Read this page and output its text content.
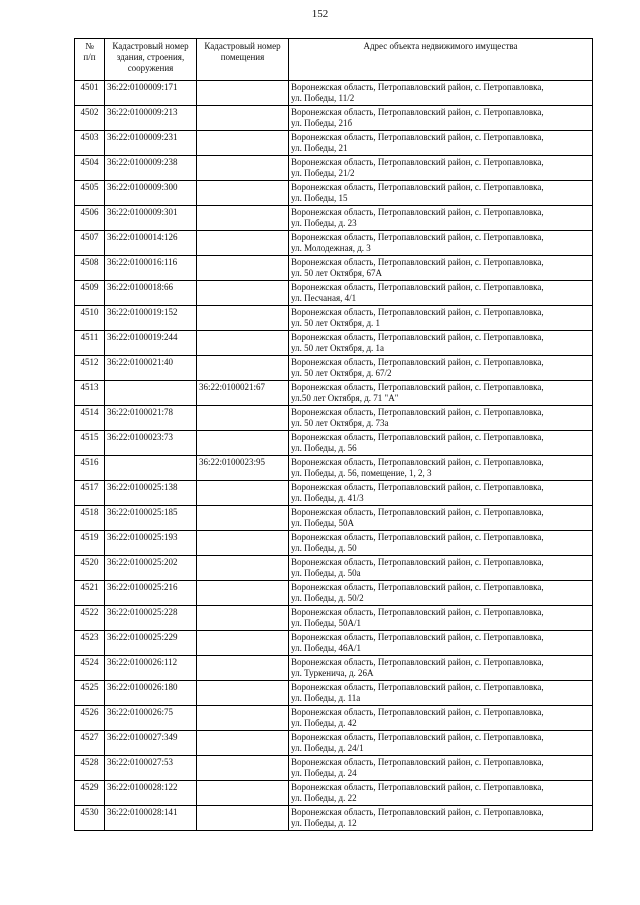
152
№
п/п	Кадастровый номер здания, строения, сооружения	Кадастровый номер помещения	Адрес объекта недвижимого имущества
4501	36:22:0100009:171		Воронежская область, Петропавловский район, с. Петропавловка,
ул. Победы, 11/2

4502	36:22:0100009:213		Воронежская область, Петропавловский район, с. Петропавловка,
ул. Победы, 21б

4503	36:22:0100009:231		Воронежская область, Петропавловский район, с. Петропавловка,
ул. Победы, 21

4504	36:22:0100009:238		Воронежская область, Петропавловский район, с. Петропавловка,
ул. Победы, 21/2

4505	36:22:0100009:300		Воронежская область, Петропавловский район, с. Петропавловка,
ул. Победы, 15

4506	36:22:0100009:301		Воронежская область, Петропавловский район, с. Петропавловка,
ул. Победы, д. 23

4507	36:22:0100014:126		Воронежская область, Петропавловский район, с. Петропавловка,
ул. Молодежная, д. 3

4508	36:22:0100016:116		Воронежская область, Петропавловский район, с. Петропавловка,
ул. 50 лет Октября, 67А

4509	36:22:0100018:66		Воронежская область, Петропавловский район, с. Петропавловка,
ул. Песчаная, 4/1

4510	36:22:0100019:152		Воронежская область, Петропавловский район, с. Петропавловка,
ул. 50 лет Октября, д. 1

4511	36:22:0100019:244		Воронежская область, Петропавловский район, с. Петропавловка,
ул. 50 лет Октября, д. 1а

4512	36:22:0100021:40		Воронежская область, Петропавловский район, с. Петропавловка,
ул. 50 лет Октября, д. 67/2

4513		36:22:0100021:67	Воронежская область, Петропавловский район, с. Петропавловка,
ул.50 лет Октября, д. 71 "А"

4514	36:22:0100021:78		Воронежская область, Петропавловский район, с. Петропавловка,
ул. 50 лет Октября, д. 73а

4515	36:22:0100023:73		Воронежская область, Петропавловский район, с. Петропавловка,
ул. Победы, д. 56

4516		36:22:0100023:95	Воронежская область, Петропавловский район, с. Петропавловка,
ул. Победы, д. 56, помещение, 1, 2, 3

4517	36:22:0100025:138		Воронежская область, Петропавловский район, с. Петропавловка,
ул. Победы, д. 41/3

4518	36:22:0100025:185		Воронежская область, Петропавловский район, с. Петропавловка,
ул. Победы, 50А

4519	36:22:0100025:193		Воронежская область, Петропавловский район, с. Петропавловка,
ул. Победы, д. 50

4520	36:22:0100025:202		Воронежская область, Петропавловский район, с. Петропавловка,
ул. Победы, д. 50а

4521	36:22:0100025:216		Воронежская область, Петропавловский район, с. Петропавловка,
ул. Победы, д. 50/2

4522	36:22:0100025:228		Воронежская область, Петропавловский район, с. Петропавловка,
ул. Победы, 50А/1

4523	36:22:0100025:229		Воронежская область, Петропавловский район, с. Петропавловка,
ул. Победы, 46А/1

4524	36:22:0100026:112		Воронежская область, Петропавловский район, с. Петропавловка,
ул. Туркенича, д. 26А

4525	36:22:0100026:180		Воронежская область, Петропавловский район, с. Петропавловка,
ул. Победы, д. 11а

4526	36:22:0100026:75		Воронежская область, Петропавловский район, с. Петропавловка,
ул. Победы, д. 42

4527	36:22:0100027:349		Воронежская область, Петропавловский район, с. Петропавловка,
ул. Победы, д. 24/1

4528	36:22:0100027:53		Воронежская область, Петропавловский район, с. Петропавловка,
ул. Победы, д. 24

4529	36:22:0100028:122		Воронежская область, Петропавловский район, с. Петропавловка,
ул. Победы, д. 22

4530	36:22:0100028:141		Воронежская область, Петропавловский район, с. Петропавловка,
ул. Победы, д. 12
